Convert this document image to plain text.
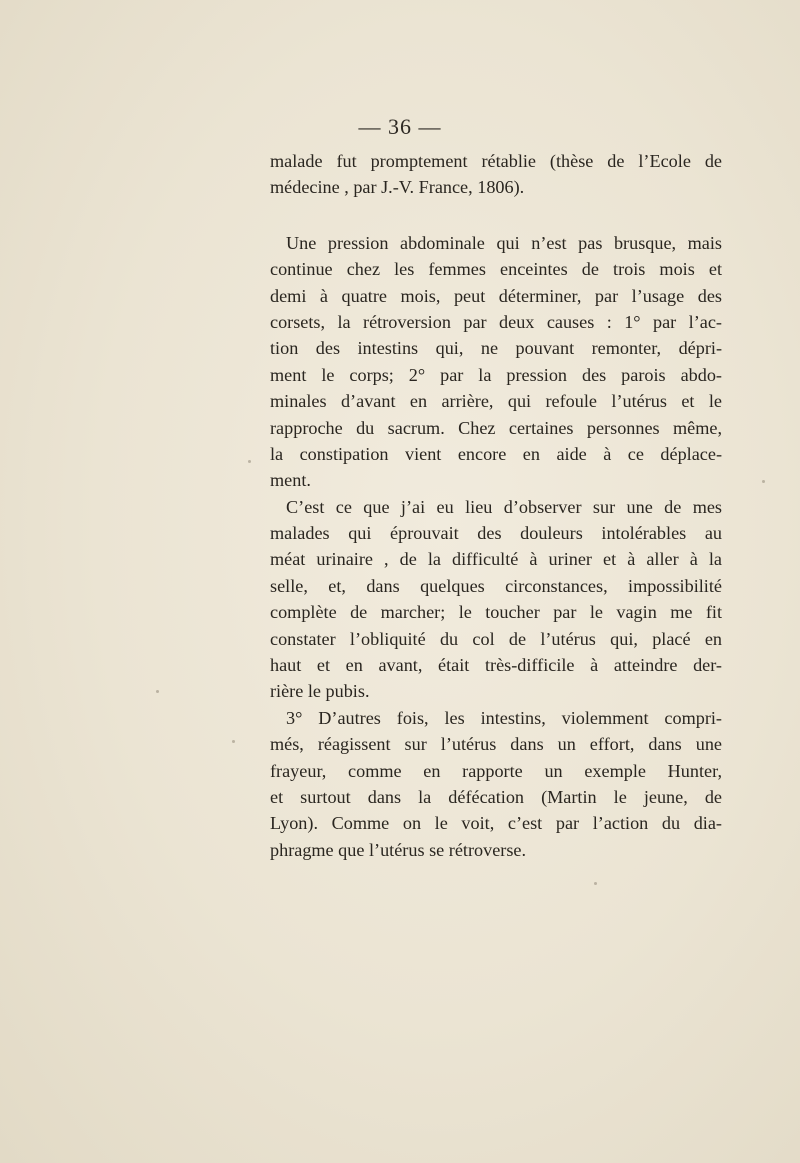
— 36 —
malade fut promptement rétablie (thèse de l’Ecole de
médecine , par J.-V. France, 1806).
Une pression abdominale qui n’est pas brusque, mais
continue chez les femmes enceintes de trois mois et
demi à quatre mois, peut déterminer, par l’usage des
corsets, la rétroversion par deux causes : 1° par l’ac-
tion des intestins qui, ne pouvant remonter, dépri-
ment le corps; 2° par la pression des parois abdo-
minales d’avant en arrière, qui refoule l’utérus et le
rapproche du sacrum. Chez certaines personnes même,
la constipation vient encore en aide à ce déplace-
ment.
C’est ce que j’ai eu lieu d’observer sur une de mes
malades qui éprouvait des douleurs intolérables au
méat urinaire , de la difficulté à uriner et à aller à la
selle, et, dans quelques circonstances, impossibilité
complète de marcher; le toucher par le vagin me fit
constater l’obliquité du col de l’utérus qui, placé en
haut et en avant, était très-difficile à atteindre der-
rière le pubis.
3° D’autres fois, les intestins, violemment compri-
més, réagissent sur l’utérus dans un effort, dans une
frayeur, comme en rapporte un exemple Hunter,
et surtout dans la défécation (Martin le jeune, de
Lyon). Comme on le voit, c’est par l’action du dia-
phragme que l’utérus se rétroverse.
